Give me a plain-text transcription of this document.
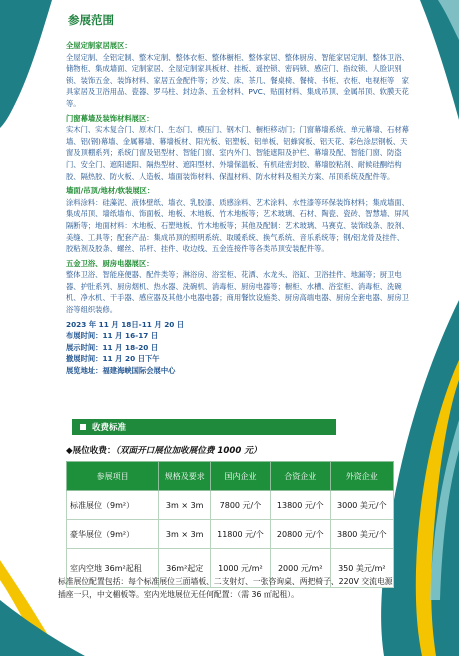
参展范围

全屋定制家居展区：

全屋定制、全铝定制、整木定制、整体衣柜、整体橱柜、整体家居、整体厨房、智能家居定制、整体卫浴、储物柜、集成墙面、定制家居、全屋定制家具板材、挂板、遥控锁、密码锁、感应门、指纹锁、人脸识别锁、装饰五金、装饰材料、家居五金配件等；沙发、床、茶几、餐桌椅、餐椅、书柜、衣柜、电视柜等　家具家居及卫浴用品、瓷器、罗马柱、封边条、五金材料、PVC、贴面材料、集成吊顶、金属吊顶、软膜天花等。

门窗幕墙及装饰材料展区：

实木门、实木复合门、原木门、生态门、模压门、钢木门、橱柜移动门；门窗幕墙系统、单元幕墙、石材幕墙、铝(钢)幕墙、金属幕墙、幕墙板材、阳光板、铝塑板、铝单板、铝蜂窝板、铝天花、彩色涂层钢板、天窗及顶棚系列；系统门窗及铝型材、智能门窗、室内外门、智能遮阳及护栏、幕墙及配、智能门窗、防盗门、安全门、遮阳遮阳、隔热型材、遮阳型材、外墙保温板、有机硅密封胶、幕墙胶粘剂、耐候硅酮结构胶、隔热胶、防火板、人造板、墙面装饰材料、保温材料、防水材料及相关方案、吊顶系统及配件等。

墙面/吊顶/地材/软装展区：

涂料涂料：硅藻泥、液体壁纸、墙衣、乳胶漆、质感涂料、艺术涂料、水性漆等环保装饰材料；集成墙面、集成吊顶、墙纸墙布、饰面板、地板、木地板、竹木地板等；艺术玻璃、石材、陶瓷、瓷砖、智慧墙、屏风隔断等；地面材料：木地板、石塑地板、竹木地板等；其他及配制：艺术玻璃、马赛克、装饰线条、胶剂、美缝、工具等；配套产品：集成吊顶的照明系统、取暖系统、换气系统、音乐系统等；钢/铝龙骨及挂件、胶粘剂及胶条、螺丝、吊杆、挂件、收边线、五金连接件等各类吊顶安装配件等。

五金卫浴、厨房电器展区：

整体卫浴、智能座便器、配件类等；淋浴房、浴室柜、花洒、水龙头、浴缸、卫浴挂件、地漏等；厨卫电器、护肚系列、厨房烟机、热水器、洗碗机、消毒柜、厨房电器等；橱柜、水槽、浴室柜、消毒柜、洗碗机、净水机、干手器、感应器及其他小电器电器；商用餐饮设施类、厨房高端电器、厨房全套电器、厨房卫浴等组织装修。

2023 年 11 月 18日-11 月 20 日

布展时间：11 月 16-17 日

展示时间：11 月 18-20 日

撤展时间：11 月 20 日下午

展览地址：福建海峡国际会展中心

收费标准
◆展位收费：（双面开口展位加收展位费 1000 元）
参展项目	规格及要求	国内企业	合资企业	外资企业
标准展位（9m²）	3m × 3m	7800 元/个	13800 元/个	3000 美元/个
豪华展位（9m²）	3m × 3m	11800 元/个	20800 元/个	3800 美元/个
室内空地 36m²起租	36m²起定	1000 元/m²	2000 元/m²	350 美元/m²
标准展位配置包括：每个标准展位三面墙板、二支射灯、一张咨询桌、两把椅子、220V 交流电源插座一只，中文楣板等。室内光地展位无任何配置：（需 36 ㎡起租）。
